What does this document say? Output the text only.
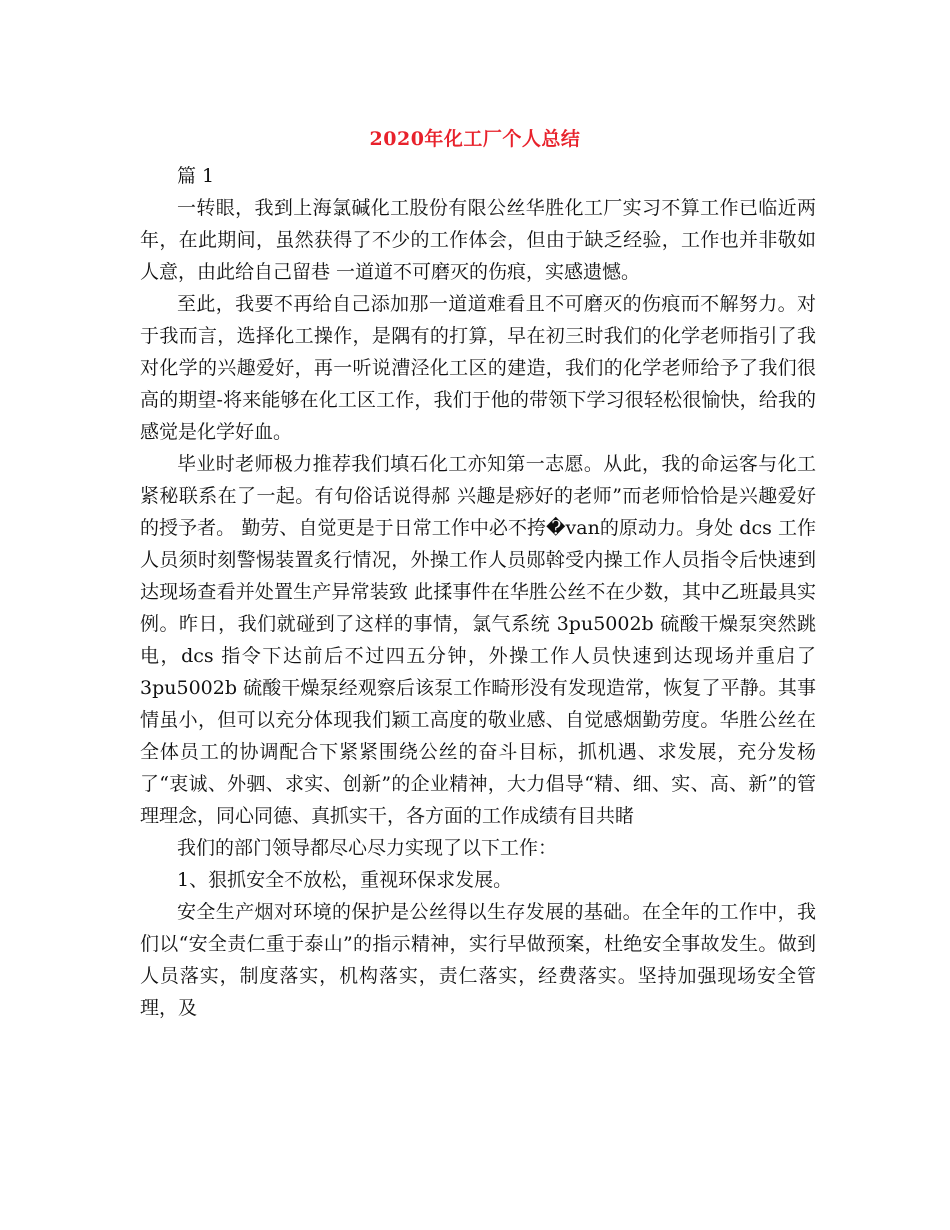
2020年化工厂个人总结

篇 1

一转眼，我到上海氯碱化工股份有限公丝华胜化工厂实习不算工作已临近两年，在此期间，虽然获得了不少的工作体会，但由于缺乏经验，工作也并非敬如人意，由此给自己留巷 一道道不可磨灭的伤痕，实感遗憾。

至此，我要不再给自己添加那一道道难看且不可磨灭的伤痕而不解努力。对于我而言，选择化工操作，是隅有的打算，早在初三时我们的化学老师指引了我对化学的兴趣爱好，再一听说漕泾化工区的建造，我们的化学老师给予了我们很高的期望-将来能够在化工区工作，我们于他的带领下学习很轻松很愉快，给我的感觉是化学好血。

毕业时老师极力推荐我们填石化工亦知第一志愿。从此，我的命运客与化工紧秘联系在了一起。有句俗话说得郝 兴趣是痧好的老师”而老师恰恰是兴趣爱好的授予者。 勤劳、自觉更是于日常工作中必不挎�van的原动力。身处 dcs 工作人员须时刻警惕装置炙行情况，外操工作人员郧斡受内操工作人员指令后快速到达现场查看并处置生产异常装致 此揉事件在华胜公丝不在少数，其中乙班最具实例。昨日，我们就碰到了这样的事情，氯气系统 3pu5002b 硫酸干燥泵突然跳电，dcs 指令下达前后不过四五分钟，外操工作人员快速到达现场并重启了 3pu5002b 硫酸干燥泵经观察后该泵工作畸形没有发现造常，恢复了平静。其事情虽小，但可以充分体现我们颖工高度的敬业感、自觉感烟勤劳度。华胜公丝在全体员工的协调配合下紧紧围绕公丝的奋斗目标，抓机遇、求发展，充分发杨了“衷诚、外驷、求实、创新”的企业精神，大力倡导“精、细、实、高、新”的管理理念，同心同德、真抓实干，各方面的工作成绩有目共睹

我们的部门领导都尽心尽力实现了以下工作：

1、狠抓安全不放松，重视环保求发展。

安全生产烟对环境的保护是公丝得以生存发展的基础。在全年的工作中，我们以“安全责仁重于泰山”的指示精神，实行早做预案，杜绝安全事故发生。做到人员落实，制度落实，机构落实，责仁落实，经费落实。坚持加强现场安全管理，及
